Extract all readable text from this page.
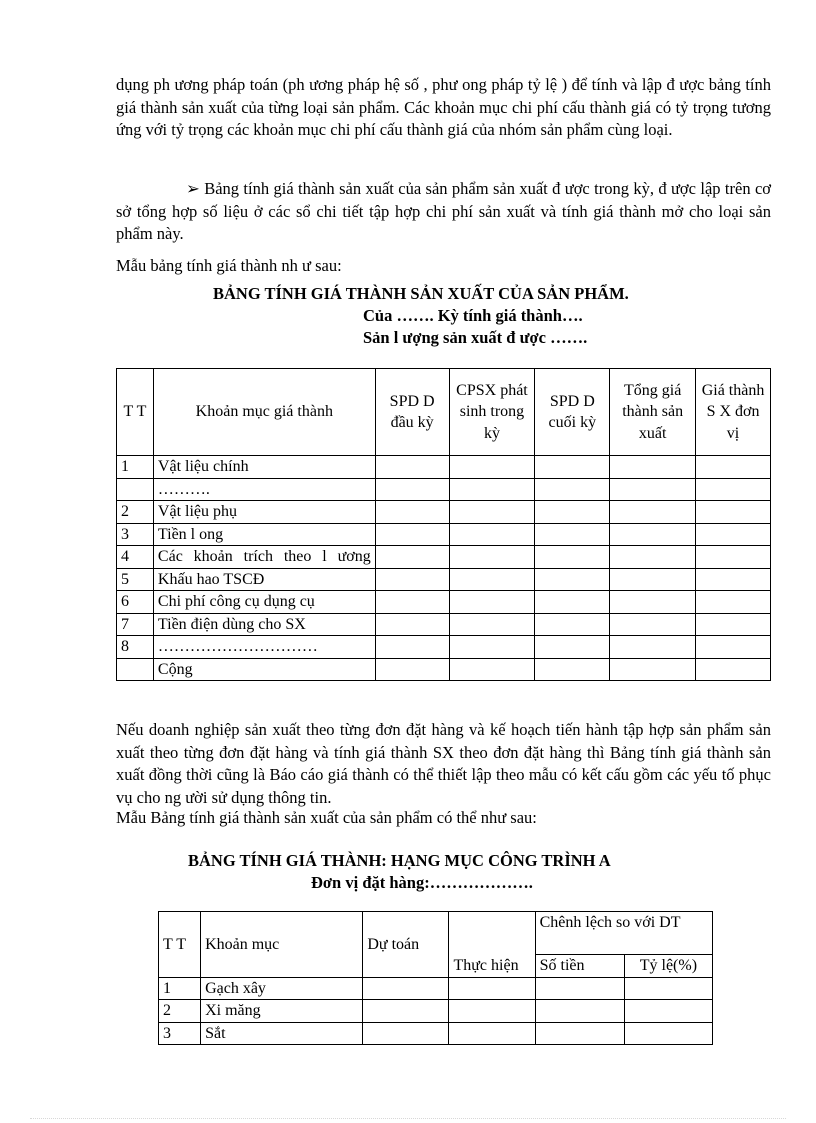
dụng ph ương pháp toán (ph ương pháp hệ số , phư ong pháp tỷ lệ ) để tính và lập đ ược bảng tính giá thành sản xuất của từng loại sản phẩm. Các khoản mục chi phí cấu thành giá có tỷ trọng tương ứng với tỷ trọng các khoản mục chi phí cấu thành giá của nhóm sản phẩm cùng loại.

➢ Bảng tính giá thành sản xuất của sản phẩm sản xuất đ ược trong kỳ, đ ược lập trên cơ sở tổng hợp số liệu ở các sổ chi tiết tập hợp chi phí sản xuất và tính giá thành mở cho loại sản phẩm này.

Mẫu bảng tính giá thành nh ư sau:

BẢNG TÍNH GIÁ THÀNH SẢN XUẤT CỦA SẢN PHẨM.

Của ……. Kỳ tính giá thành….

Sản l ượng sản xuất đ ược …….

T T	Khoản mục giá thành	SPD D đầu kỳ	CPSX phát sinh trong kỳ	SPD D cuối kỳ	Tổng giá thành sản xuất	Giá thành S X đơn vị
1	Vật liệu chính					
	……….					
2	Vật liệu phụ					
3	Tiền l ong					
4	Các khoản trích theo l ương					
5	Khấu hao TSCĐ					
6	Chi phí công cụ dụng cụ					
7	Tiền điện dùng cho SX					
8	…………………………					
	Cộng					

Nếu doanh nghiệp sản xuất theo từng đơn đặt hàng và kế hoạch tiến hành tập hợp sản phẩm sản xuất theo từng đơn đặt hàng và tính giá thành SX theo đơn đặt hàng thì Bảng tính giá thành sản xuất đồng thời cũng là Báo cáo giá thành có thể thiết lập theo mẫu có kết cấu gồm các yếu tố phục vụ cho ng ười sử dụng thông tin.

Mẫu Bảng tính giá thành sản xuất của sản phẩm có thể như sau:

BẢNG TÍNH GIÁ THÀNH: HẠNG MỤC CÔNG TRÌNH A

Đơn vị đặt hàng:……………….

T T	Khoản mục	Dự toán	Thực hiện	Chênh lệch so với DT	
				Số tiền	Tỷ lệ(%)
1	Gạch xây				
2	Xi măng				
3	Sắt				
